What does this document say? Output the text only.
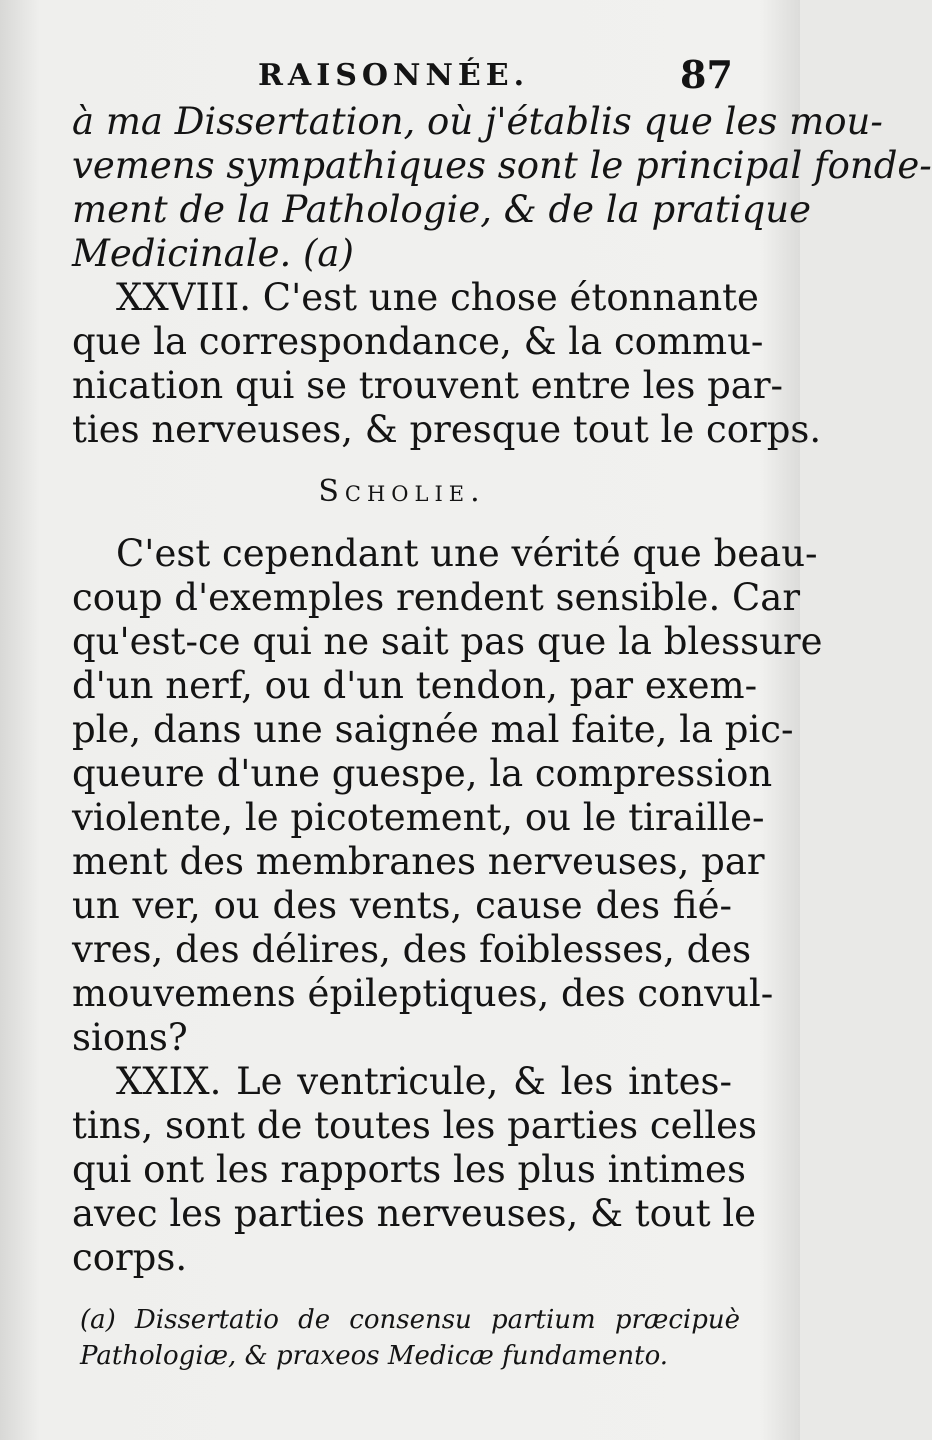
RAISONNÉE.	87
à ma Dissertation, où j'établis que les mou-
vemens sympathiques sont le principal fonde-
ment de la Pathologie, & de la pratique
Medicinale. (a)
XXVIII. C'est une chose étonnante
que la correspondance, & la commu-
nication qui se trouvent entre les par-
ties nerveuses, & presque tout le corps.
Scholie.
C'est cependant une vérité que beau-
coup d'exemples rendent sensible. Car
qu'est-ce qui ne sait pas que la blessure
d'un nerf, ou d'un tendon, par exem-
ple, dans une saignée mal faite, la pic-
queure d'une guespe, la compression
violente, le picotement, ou le tiraille-
ment des membranes nerveuses, par
un ver, ou des vents, cause des fié-
vres, des délires, des foiblesses, des
mouvemens épileptiques, des convul-
sions?
XXIX. Le ventricule, & les intes-
tins, sont de toutes les parties celles
qui ont les rapports les plus intimes
avec les parties nerveuses, & tout le
corps.
(a) Dissertatio de consensu partium præcipuè
Pathologiæ, & praxeos Medicæ fundamento.
